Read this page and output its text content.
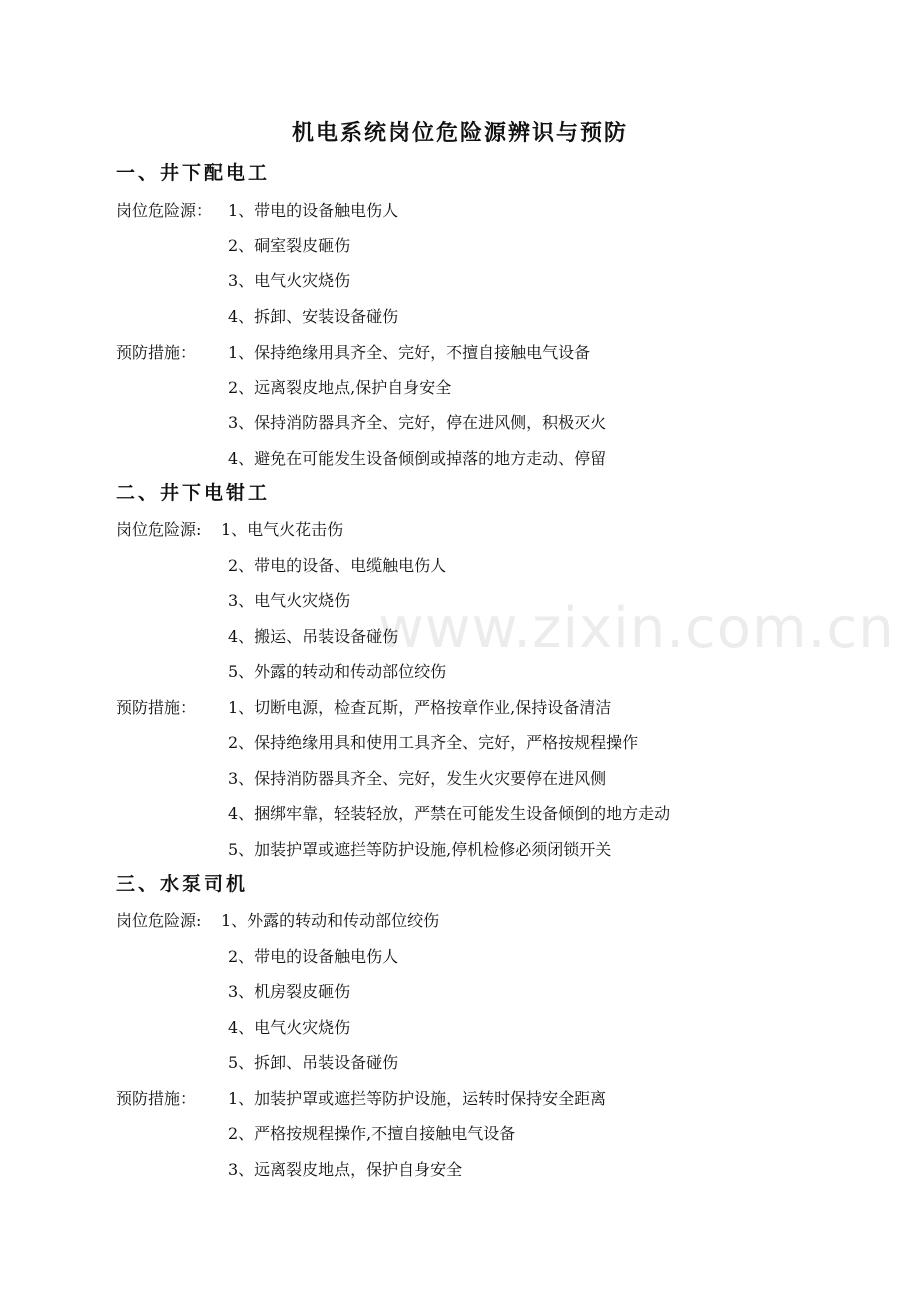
www.zixin.com.cn
机电系统岗位危险源辨识与预防
一、井下配电工
岗位危险源： 1、带电的设备触电伤人
2、硐室裂皮砸伤
3、电气火灾烧伤
4、拆卸、安装设备碰伤
预防措施： 1、保持绝缘用具齐全、完好，不擅自接触电气设备
2、远离裂皮地点,保护自身安全
3、保持消防器具齐全、完好，停在进风侧，积极灭火
4、避免在可能发生设备倾倒或掉落的地方走动、停留
二、井下电钳工
岗位危险源: 1、电气火花击伤
2、带电的设备、电缆触电伤人
3、电气火灾烧伤
4、搬运、吊装设备碰伤
5、外露的转动和传动部位绞伤
预防措施： 1、切断电源，检查瓦斯，严格按章作业,保持设备清洁
2、保持绝缘用具和使用工具齐全、完好，严格按规程操作
3、保持消防器具齐全、完好，发生火灾要停在进风侧
4、捆绑牢靠，轻装轻放，严禁在可能发生设备倾倒的地方走动
5、加装护罩或遮拦等防护设施,停机检修必须闭锁开关
三、水泵司机
岗位危险源: 1、外露的转动和传动部位绞伤
2、带电的设备触电伤人
3、机房裂皮砸伤
4、电气火灾烧伤
5、拆卸、吊装设备碰伤
预防措施： 1、加装护罩或遮拦等防护设施，运转时保持安全距离
2、严格按规程操作,不擅自接触电气设备
3、远离裂皮地点，保护自身安全
